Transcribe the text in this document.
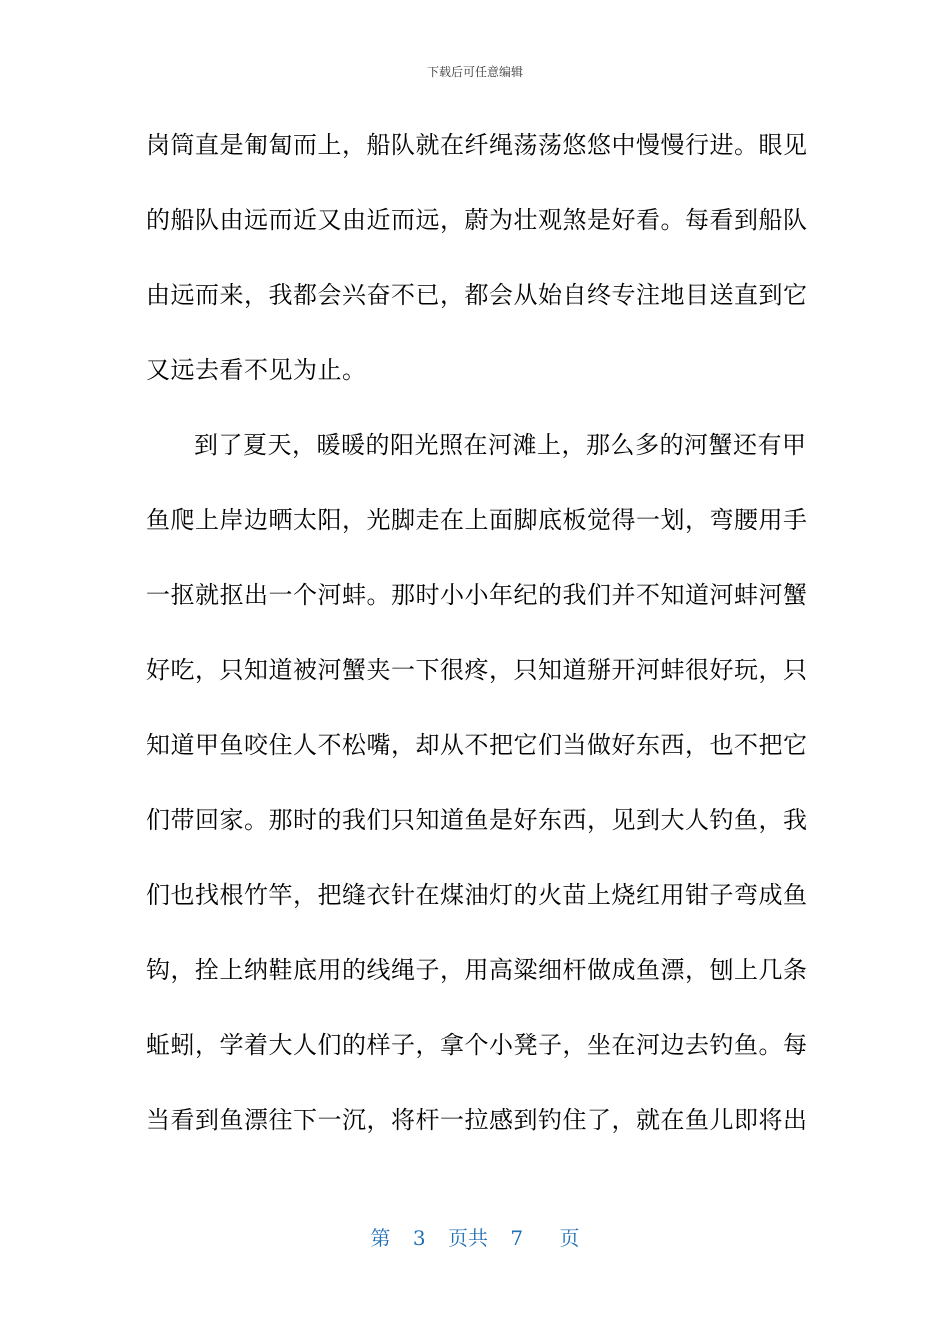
下载后可任意编辑
岗筒直是匍匐而上，船队就在纤绳荡荡悠悠中慢慢行进。眼见
的船队由远而近又由近而远，蔚为壮观煞是好看。每看到船队
由远而来，我都会兴奋不已，都会从始自终专注地目送直到它
又远去看不见为止。
到了夏天，暖暖的阳光照在河滩上，那么多的河蟹还有甲
鱼爬上岸边晒太阳，光脚走在上面脚底板觉得一划，弯腰用手
一抠就抠出一个河蚌。那时小小年纪的我们并不知道河蚌河蟹
好吃，只知道被河蟹夹一下很疼，只知道掰开河蚌很好玩，只
知道甲鱼咬住人不松嘴，却从不把它们当做好东西，也不把它
们带回家。那时的我们只知道鱼是好东西，见到大人钓鱼，我
们也找根竹竿，把缝衣针在煤油灯的火苗上烧红用钳子弯成鱼
钩，拴上纳鞋底用的线绳子，用高粱细杆做成鱼漂，刨上几条
蚯蚓，学着大人们的样子，拿个小凳子，坐在河边去钓鱼。每
当看到鱼漂往下一沉，将杆一拉感到钓住了，就在鱼儿即将出
第 3 页共 7 页
